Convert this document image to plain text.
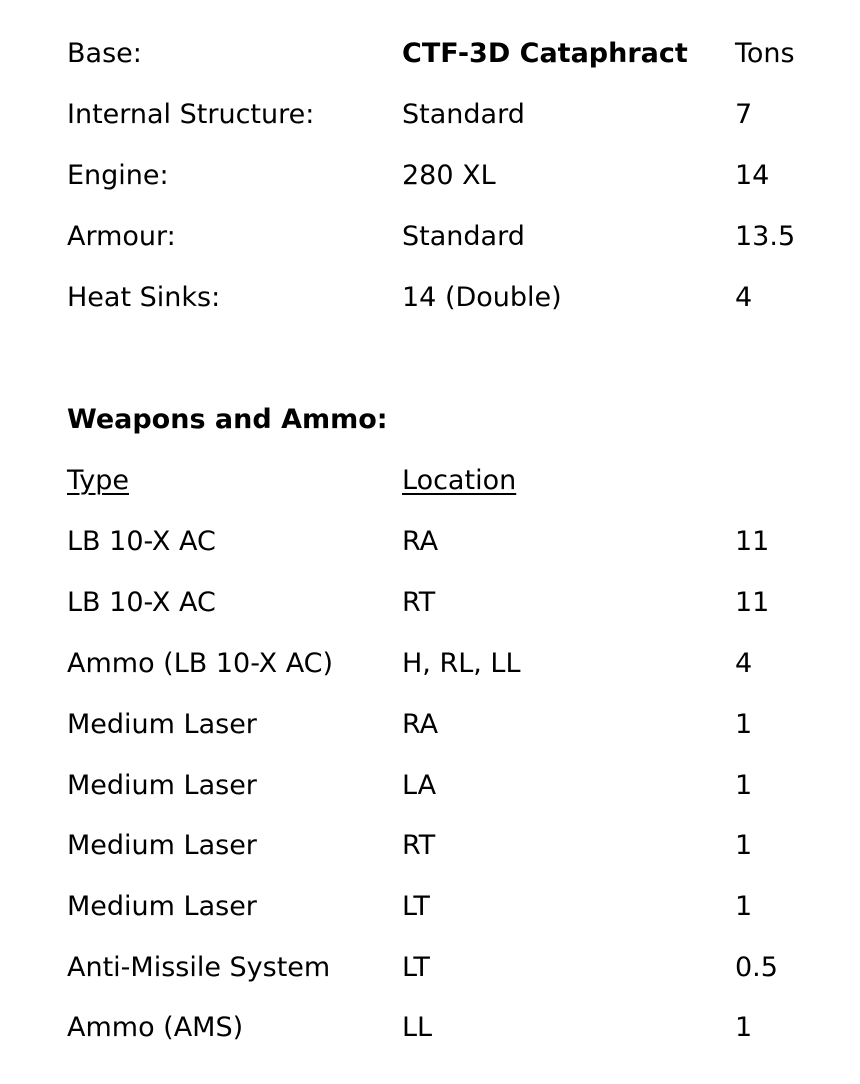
Base:	CTF-3D Cataphract Tons
Internal Structure:	Standard	7
Engine:	280 XL	14
Armour:	Standard	13.5
Heat Sinks:	14 (Double)	4
Weapons and Ammo:
Type	Location
LB 10-X AC	RA	11
LB 10-X AC	RT	11
Ammo (LB 10-X AC)	H, RL, LL	4
Medium Laser	RA	1
Medium Laser	LA	1
Medium Laser	RT	1
Medium Laser	LT	1
Anti-Missile System	LT	0.5
Ammo (AMS)	LL	1
